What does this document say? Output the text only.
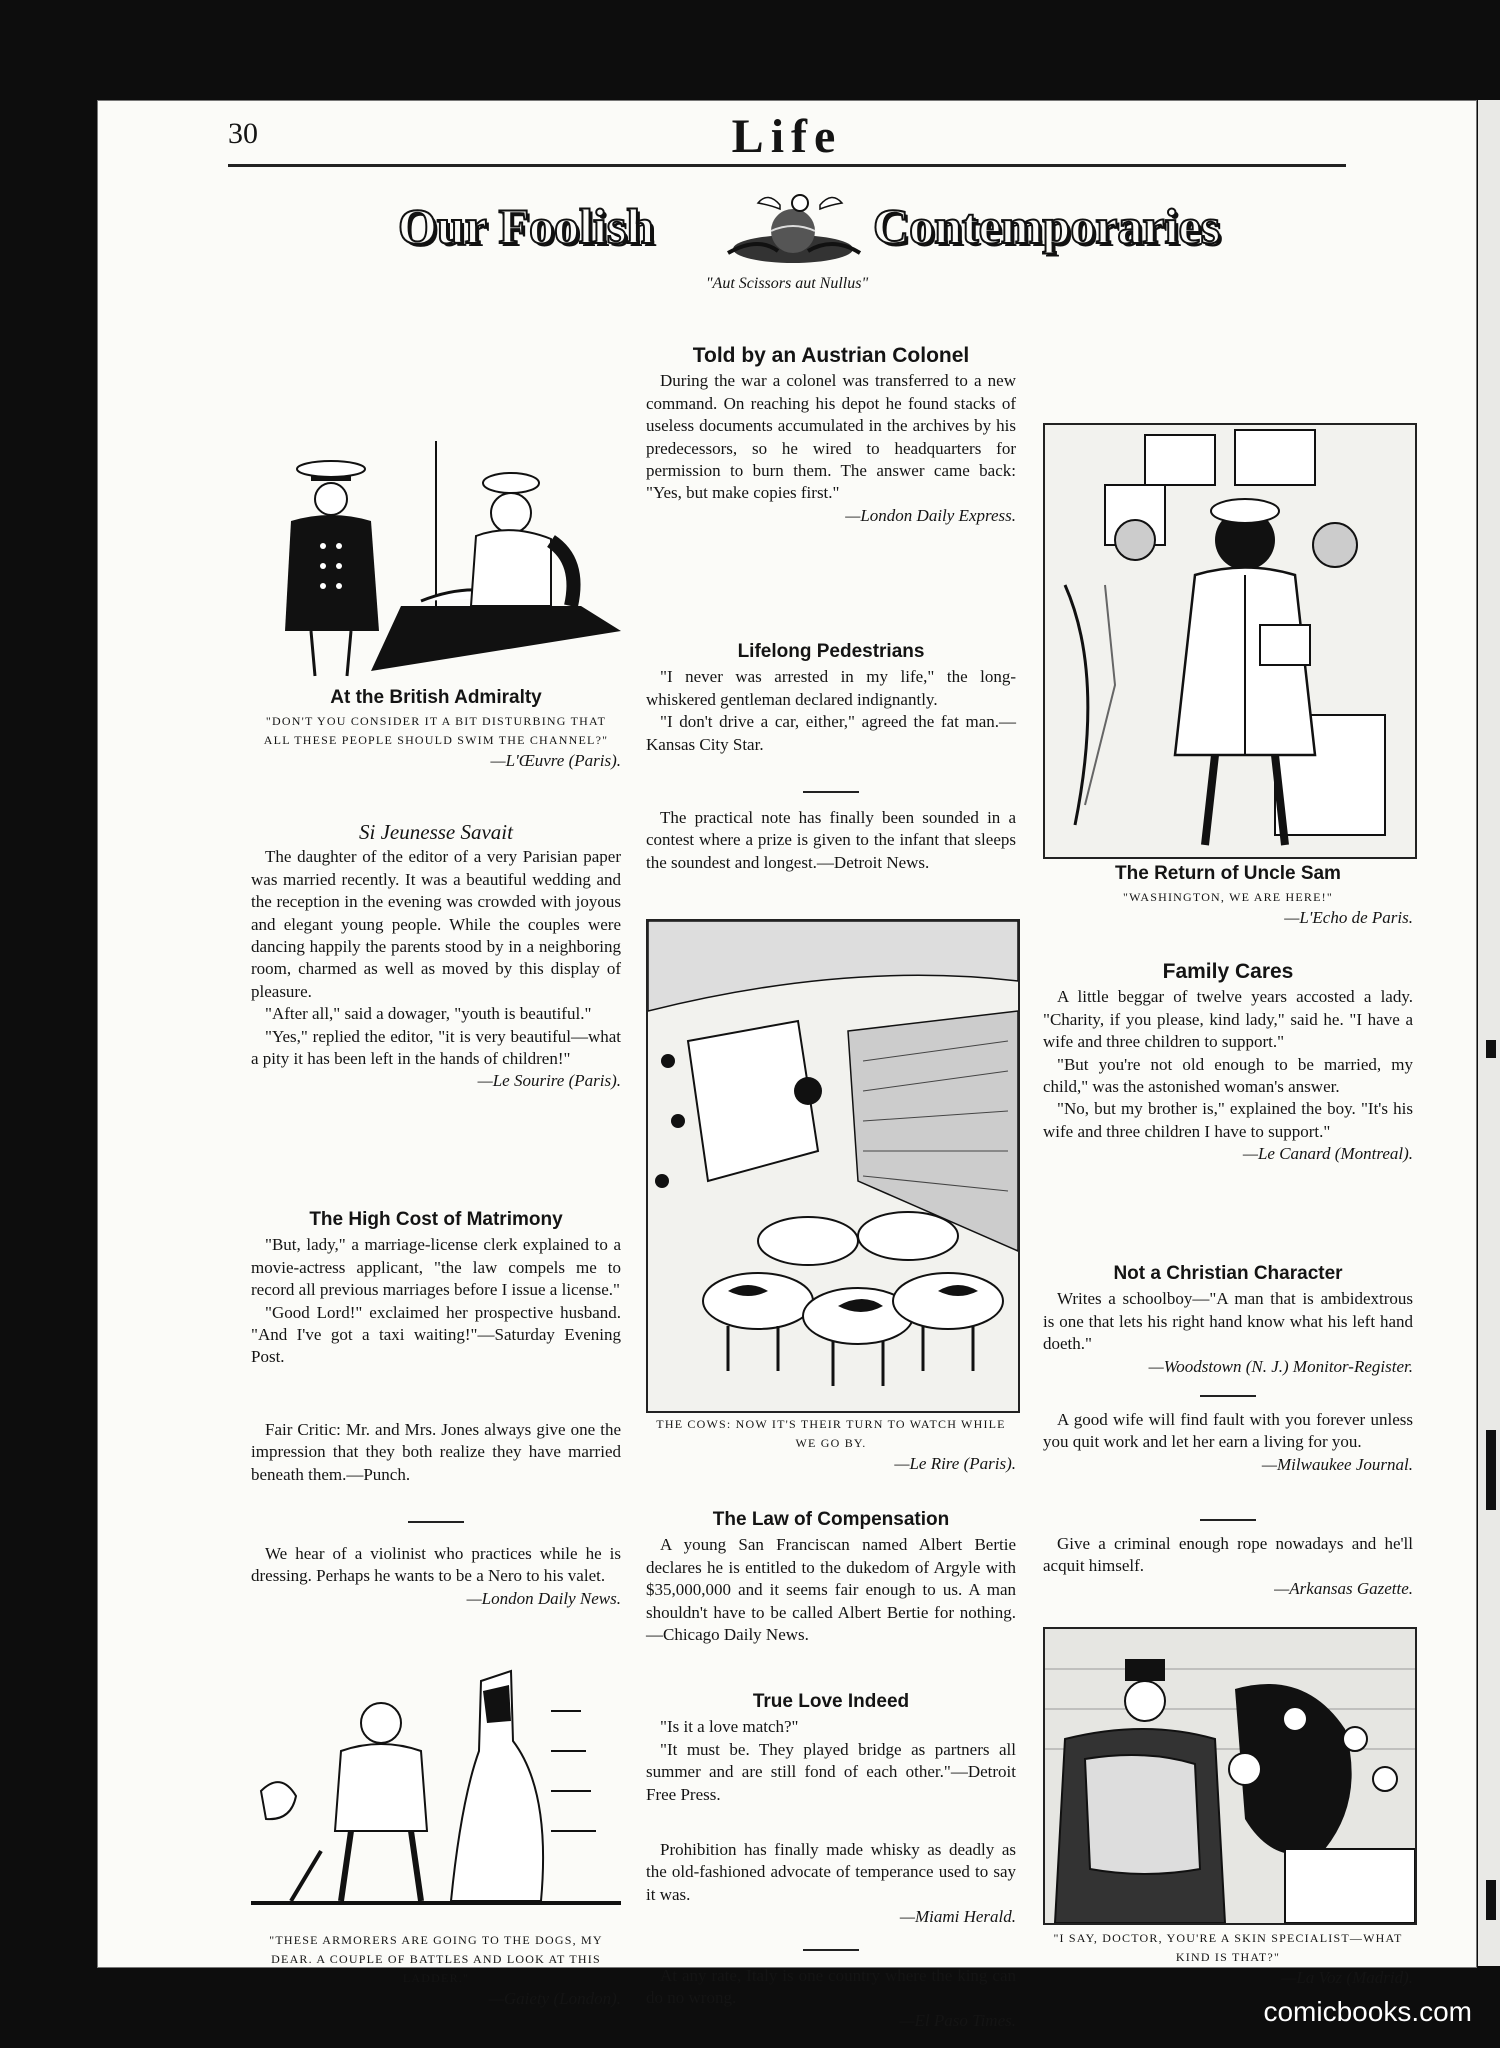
30	Life
Our Foolish	Contemporaries
"Aut Scissors aut Nullus"
At the British Admiralty
"DON'T YOU CONSIDER IT A BIT DISTURBING THAT ALL THESE PEOPLE SHOULD SWIM THE CHANNEL?"
—L'Œuvre (Paris).
Si Jeunesse Savait

The daughter of the editor of a very Parisian paper was married recently. It was a beautiful wedding and the reception in the evening was crowded with joyous and elegant young people. While the couples were dancing happily the parents stood by in a neighboring room, charmed as well as moved by this display of pleasure.

"After all," said a dowager, "youth is beautiful."

"Yes," replied the editor, "it is very beautiful—what a pity it has been left in the hands of children!"

—Le Sourire (Paris).
The High Cost of Matrimony

"But, lady," a marriage-license clerk explained to a movie-actress applicant, "the law compels me to record all previous marriages before I issue a license."

"Good Lord!" exclaimed her prospective husband. "And I've got a taxi waiting!"—Saturday Evening Post.

Fair Critic: Mr. and Mrs. Jones always give one the impression that they both realize they have married beneath them.—Punch.

We hear of a violinist who practices while he is dressing. Perhaps he wants to be a Nero to his valet.

—London Daily News.
"THESE ARMORERS ARE GOING TO THE DOGS, MY DEAR. A COUPLE OF BATTLES AND LOOK AT THIS LADDER."
—Gaiety (London).
Told by an Austrian Colonel

During the war a colonel was transferred to a new command. On reaching his depot he found stacks of useless documents accumulated in the archives by his predecessors, so he wired to headquarters for permission to burn them. The answer came back: "Yes, but make copies first."

—London Daily Express.
Lifelong Pedestrians

"I never was arrested in my life," the long-whiskered gentleman declared indignantly.

"I don't drive a car, either," agreed the fat man.—Kansas City Star.

The practical note has finally been sounded in a contest where a prize is given to the infant that sleeps the soundest and longest.—Detroit News.

THE COWS: NOW IT'S THEIR TURN TO WATCH WHILE WE GO BY.
—Le Rire (Paris).
The Law of Compensation

A young San Franciscan named Albert Bertie declares he is entitled to the dukedom of Argyle with $35,000,000 and it seems fair enough to us. A man shouldn't have to be called Albert Bertie for nothing.—Chicago Daily News.

True Love Indeed

"Is it a love match?"

"It must be. They played bridge as partners all summer and are still fond of each other."—Detroit Free Press.

Prohibition has finally made whisky as deadly as the old-fashioned advocate of temperance used to say it was.

—Miami Herald.

At any rate, Italy is one country where the king can do no wrong.

—El Paso Times.
The Return of Uncle Sam
"WASHINGTON, WE ARE HERE!"
—L'Echo de Paris.
Family Cares

A little beggar of twelve years accosted a lady. "Charity, if you please, kind lady," said he. "I have a wife and three children to support."

"But you're not old enough to be married, my child," was the astonished woman's answer.

"No, but my brother is," explained the boy. "It's his wife and three children I have to support."

—Le Canard (Montreal).
Not a Christian Character

Writes a schoolboy—"A man that is ambidextrous is one that lets his right hand know what his left hand doeth."

—Woodstown (N. J.) Monitor-Register.

A good wife will find fault with you forever unless you quit work and let her earn a living for you.

—Milwaukee Journal.

Give a criminal enough rope nowadays and he'll acquit himself.

—Arkansas Gazette.
"I SAY, DOCTOR, YOU'RE A SKIN SPECIALIST—WHAT KIND IS THAT?"
—La Voz (Madrid).
comicbooks.com
